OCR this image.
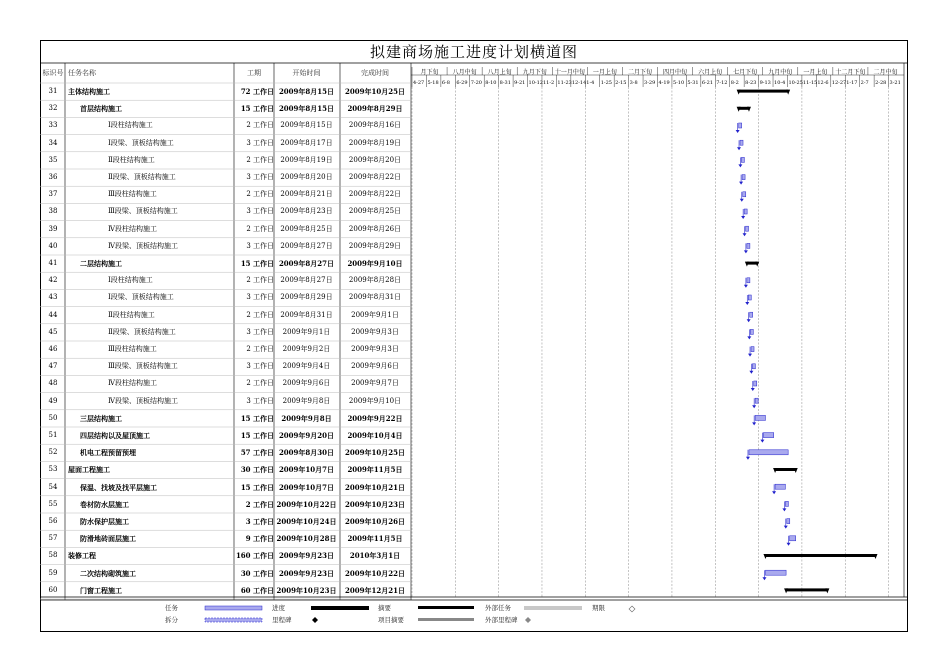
拟建商场施工进度计划横道图
标识号 任务名称	工期	开始时间	完成时间	月下旬 八月中旬 八月上旬 九月下旬 十一月中旬 一月上旬 二月下旬 四月中旬 六月上旬 七月下旬 九月中旬 一月上旬 十二月下旬 二月中旬
4-27 5-18 6-8 6-29 7-20 8-10 8-31 9-21 10-12 11-2 11-23 12-14 1-4 1-25 2-15 3-8 3-29 4-19 5-10 5-31 6-21 7-12 8-2 8-23 9-13 10-4 10-25 11-15 12-6 12-27 1-17 2-7 2-28 3-21
31	主体结构施工	72 工作日 2009年8月15日	2009年10月25日
32	首层结构施工	15 工作日 2009年8月15日	2009年8月29日
33	Ⅰ段柱结构施工	2 工作日 2009年8月15日	2009年8月16日
34	Ⅰ段梁、顶板结构施工	3 工作日 2009年8月17日	2009年8月19日
35	Ⅱ段柱结构施工	2 工作日 2009年8月19日	2009年8月20日
36	Ⅱ段梁、顶板结构施工	3 工作日 2009年8月20日	2009年8月22日
37	Ⅲ段柱结构施工	2 工作日 2009年8月21日	2009年8月22日
38	Ⅲ段梁、顶板结构施工	3 工作日 2009年8月23日	2009年8月25日
39	Ⅳ段柱结构施工	2 工作日 2009年8月25日	2009年8月26日
40	Ⅳ段梁、顶板结构施工	3 工作日 2009年8月27日	2009年8月29日
41	二层结构施工	15 工作日 2009年8月27日	2009年9月10日
42	Ⅰ段柱结构施工	2 工作日 2009年8月27日	2009年8月28日
43	Ⅰ段梁、顶板结构施工	3 工作日 2009年8月29日	2009年8月31日
44	Ⅱ段柱结构施工	2 工作日 2009年8月31日	2009年9月1日
45	Ⅱ段梁、顶板结构施工	3 工作日	2009年9月1日	2009年9月3日
46	Ⅲ段柱结构施工	2 工作日	2009年9月2日	2009年9月3日
47	Ⅲ段梁、顶板结构施工	3 工作日	2009年9月4日	2009年9月6日
48	Ⅳ段柱结构施工	2 工作日	2009年9月6日	2009年9月7日
49	Ⅳ段梁、顶板结构施工	3 工作日	2009年9月8日	2009年9月10日
50	三层结构施工	15 工作日	2009年9月8日	2009年9月22日
51	四层结构以及屋顶施工	15 工作日 2009年9月20日	2009年10月4日
52	机电工程预留预埋	57 工作日 2009年8月30日	2009年10月25日
53	屋面工程施工	30 工作日 2009年10月7日	2009年11月5日
54	保温、找坡及找平层施工	15 工作日 2009年10月7日	2009年10月21日
55	卷材防水层施工	2 工作日 2009年10月22日	2009年10月23日
56	防水保护层施工	3 工作日 2009年10月24日	2009年10月26日
57	防滑地砖面层施工	9 工作日 2009年10月28日	2009年11月5日
58	装修工程	160 工作日 2009年9月23日	2010年3月1日
59	二次结构砌筑施工	30 工作日 2009年9月23日	2009年10月22日
60	门窗工程施工	60 工作日 2009年10月23日	2009年12月21日
任务
拆分
进度
里程碑
摘要
项目摘要
外部任务
外部里程碑
期限
